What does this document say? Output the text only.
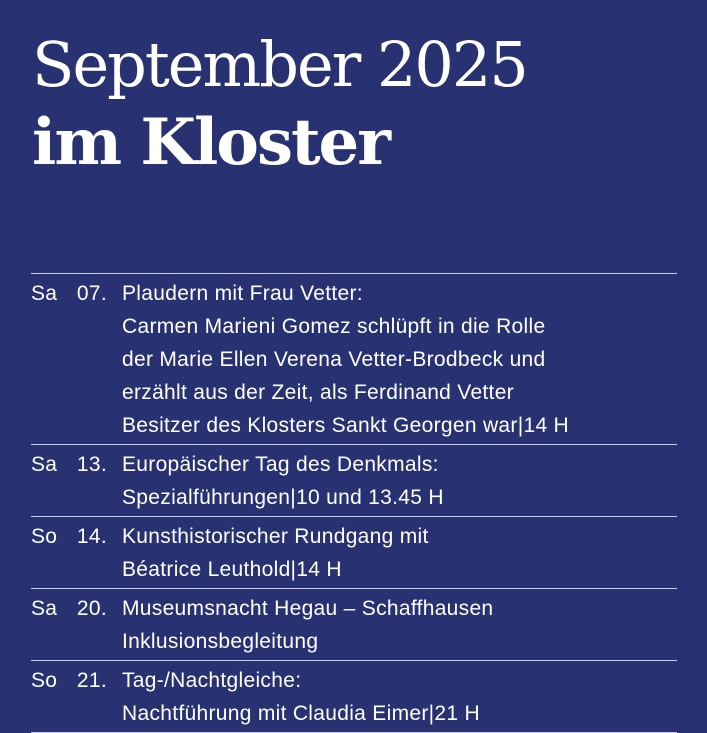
September 2025
im Kloster
Sa 07. Plaudern mit Frau Vetter:
Carmen Marieni Gomez schlüpft in die Rolle
der Marie Ellen Verena Vetter-Brodbeck und
erzählt aus der Zeit, als Ferdinand Vetter
Besitzer des Klosters Sankt Georgen war|14 H
Sa 13. Europäischer Tag des Denkmals:
Spezialführungen|10 und 13.45 H
So 14. Kunsthistorischer Rundgang mit
Béatrice Leuthold|14 H
Sa 20. Museumsnacht Hegau – Schaffhausen
Inklusionsbegleitung
So 21. Tag-/Nachtgleiche:
Nachtführung mit Claudia Eimer|21 H
